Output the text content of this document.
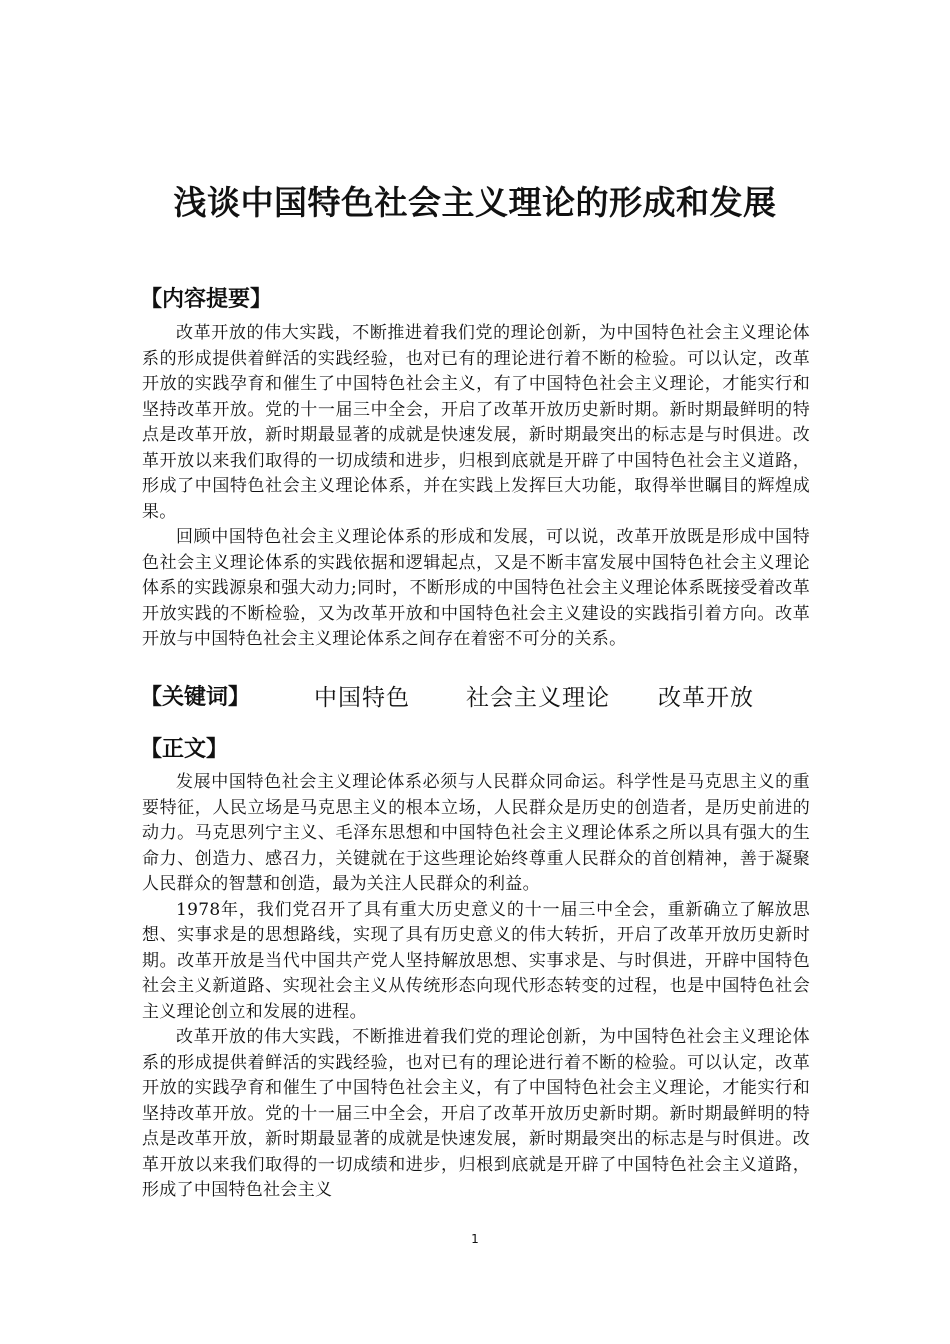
浅谈中国特色社会主义理论的形成和发展
【内容提要】

改革开放的伟大实践，不断推进着我们党的理论创新，为中国特色社会主义理论体系的形成提供着鲜活的实践经验，也对已有的理论进行着不断的检验。可以认定，改革开放的实践孕育和催生了中国特色社会主义，有了中国特色社会主义理论，才能实行和坚持改革开放。党的十一届三中全会，开启了改革开放历史新时期。新时期最鲜明的特点是改革开放，新时期最显著的成就是快速发展，新时期最突出的标志是与时俱进。改革开放以来我们取得的一切成绩和进步，归根到底就是开辟了中国特色社会主义道路，形成了中国特色社会主义理论体系，并在实践上发挥巨大功能，取得举世瞩目的辉煌成果。

回顾中国特色社会主义理论体系的形成和发展，可以说，改革开放既是形成中国特色社会主义理论体系的实践依据和逻辑起点，又是不断丰富发展中国特色社会主义理论体系的实践源泉和强大动力;同时，不断形成的中国特色社会主义理论体系既接受着改革开放实践的不断检验，又为改革开放和中国特色社会主义建设的实践指引着方向。改革开放与中国特色社会主义理论体系之间存在着密不可分的关系。

【关键词】	中国特色 社会主义理论 改革开放
【正文】

发展中国特色社会主义理论体系必须与人民群众同命运。科学性是马克思主义的重要特征，人民立场是马克思主义的根本立场，人民群众是历史的创造者，是历史前进的动力。马克思列宁主义、毛泽东思想和中国特色社会主义理论体系之所以具有强大的生命力、创造力、感召力，关键就在于这些理论始终尊重人民群众的首创精神，善于凝聚人民群众的智慧和创造，最为关注人民群众的利益。

1978年，我们党召开了具有重大历史意义的十一届三中全会，重新确立了解放思想、实事求是的思想路线，实现了具有历史意义的伟大转折，开启了改革开放历史新时期。改革开放是当代中国共产党人坚持解放思想、实事求是、与时俱进，开辟中国特色社会主义新道路、实现社会主义从传统形态向现代形态转变的过程，也是中国特色社会主义理论创立和发展的进程。

改革开放的伟大实践，不断推进着我们党的理论创新，为中国特色社会主义理论体系的形成提供着鲜活的实践经验，也对已有的理论进行着不断的检验。可以认定，改革开放的实践孕育和催生了中国特色社会主义，有了中国特色社会主义理论，才能实行和坚持改革开放。党的十一届三中全会，开启了改革开放历史新时期。新时期最鲜明的特点是改革开放，新时期最显著的成就是快速发展，新时期最突出的标志是与时俱进。改革开放以来我们取得的一切成绩和进步，归根到底就是开辟了中国特色社会主义道路，形成了中国特色社会主义

1
